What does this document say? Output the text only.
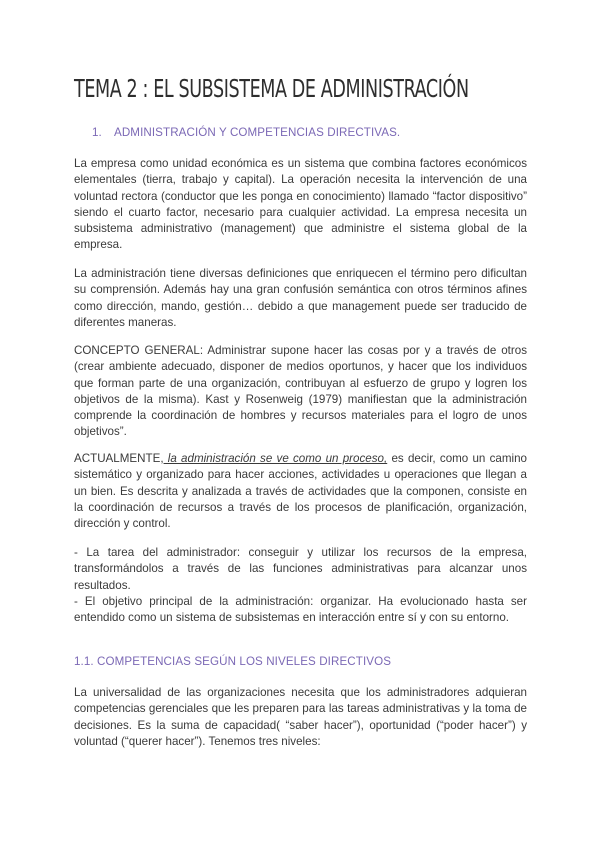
TEMA 2 : EL SUBSISTEMA DE ADMINISTRACIÓN
1. ADMINISTRACIÓN Y COMPETENCIAS DIRECTIVAS.

La empresa como unidad económica es un sistema que combina factores económicos elementales (tierra, trabajo y capital). La operación necesita la intervención de una voluntad rectora (conductor que les ponga en conocimiento) llamado “factor dispositivo” siendo el cuarto factor, necesario para cualquier actividad. La empresa necesita un subsistema administrativo (management) que administre el sistema global de la empresa.

La administración tiene diversas definiciones que enriquecen el término pero dificultan su comprensión. Además hay una gran confusión semántica con otros términos afines como dirección, mando, gestión… debido a que management puede ser traducido de diferentes maneras.

CONCEPTO GENERAL: Administrar supone hacer las cosas por y a través de otros (crear ambiente adecuado, disponer de medios oportunos, y hacer que los individuos que forman parte de una organización, contribuyan al esfuerzo de grupo y logren los objetivos de la misma). Kast y Rosenweig (1979) manifiestan que la administración comprende la coordinación de hombres y recursos materiales para el logro de unos objetivos”.

ACTUALMENTE, la administración se ve como un proceso, es decir, como un camino sistemático y organizado para hacer acciones, actividades u operaciones que llegan a un bien. Es descrita y analizada a través de actividades que la componen, consiste en la coordinación de recursos a través de los procesos de planificación, organización, dirección y control.

- La tarea del administrador: conseguir y utilizar los recursos de la empresa, transformándolos a través de las funciones administrativas para alcanzar unos resultados.
- El objetivo principal de la administración: organizar. Ha evolucionado hasta ser entendido como un sistema de subsistemas en interacción entre sí y con su entorno.

1.1. COMPETENCIAS SEGÚN LOS NIVELES DIRECTIVOS

La universalidad de las organizaciones necesita que los administradores adquieran competencias gerenciales que les preparen para las tareas administrativas y la toma de decisiones. Es la suma de capacidad( “saber hacer”), oportunidad (“poder hacer”) y voluntad (“querer hacer”). Tenemos tres niveles:
